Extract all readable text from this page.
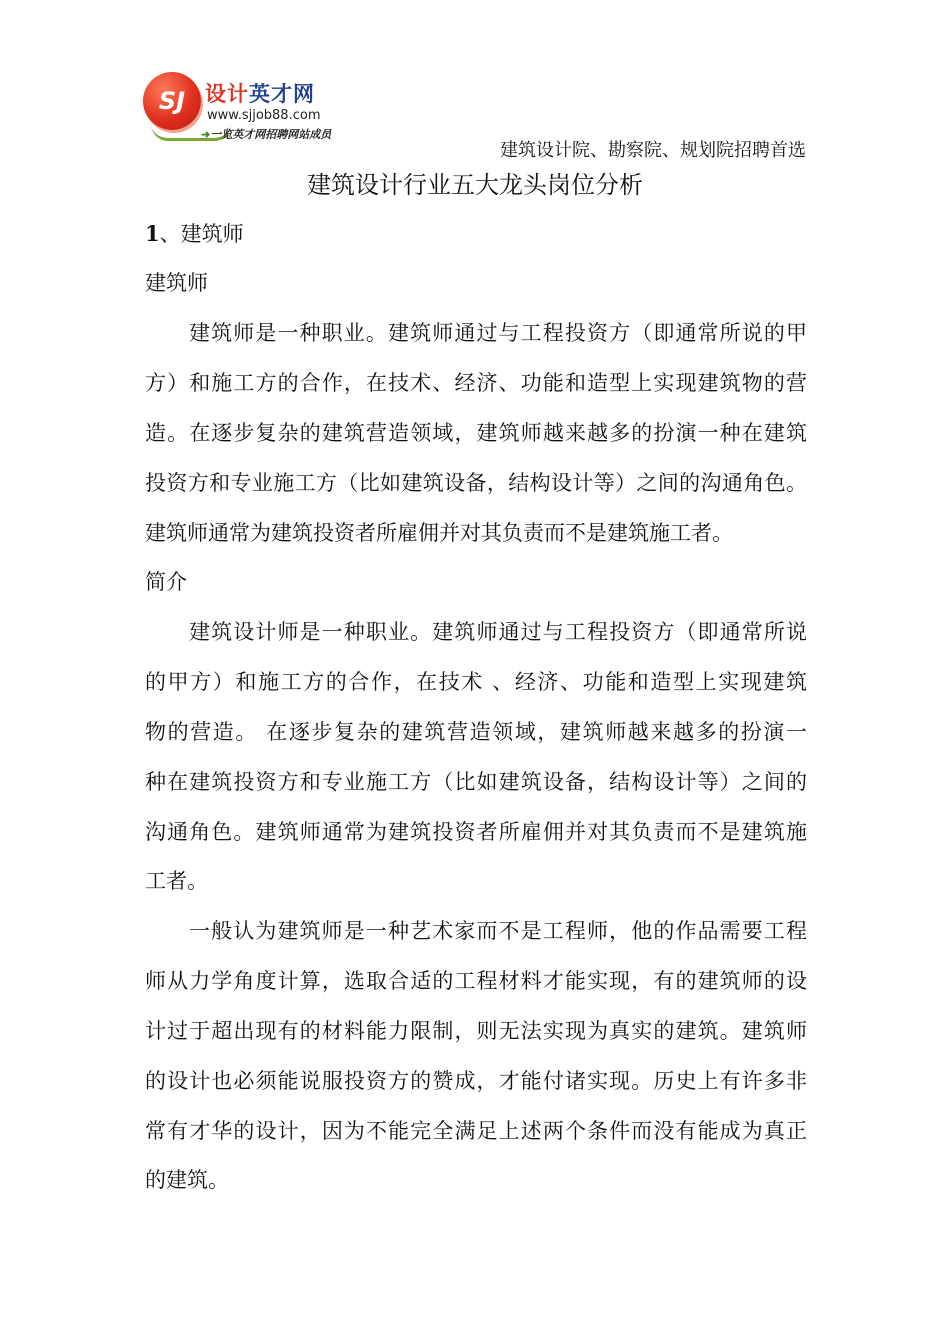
SJ 设计英才网
www.sjjob88.com
➜一览英才网招聘网站成员
建筑设计院、勘察院、规划院招聘首选
建筑设计行业五大龙头岗位分析
1、建筑师
建筑师
建筑师是一种职业。建筑师通过与工程投资方（即通常所说的甲
方）和施工方的合作，在技术、经济、功能和造型上实现建筑物的营
造。在逐步复杂的建筑营造领域，建筑师越来越多的扮演一种在建筑
投资方和专业施工方（比如建筑设备，结构设计等）之间的沟通角色。
建筑师通常为建筑投资者所雇佣并对其负责而不是建筑施工者。
简介
建筑设计师是一种职业。建筑师通过与工程投资方（即通常所说
的甲方）和施工方的合作，在技术 、经济、功能和造型上实现建筑
物的营造。 在逐步复杂的建筑营造领域，建筑师越来越多的扮演一
种在建筑投资方和专业施工方（比如建筑设备，结构设计等）之间的
沟通角色。建筑师通常为建筑投资者所雇佣并对其负责而不是建筑施
工者。
一般认为建筑师是一种艺术家而不是工程师，他的作品需要工程
师从力学角度计算，选取合适的工程材料才能实现，有的建筑师的设
计过于超出现有的材料能力限制，则无法实现为真实的建筑。建筑师
的设计也必须能说服投资方的赞成，才能付诸实现。历史上有许多非
常有才华的设计，因为不能完全满足上述两个条件而没有能成为真正
的建筑。
